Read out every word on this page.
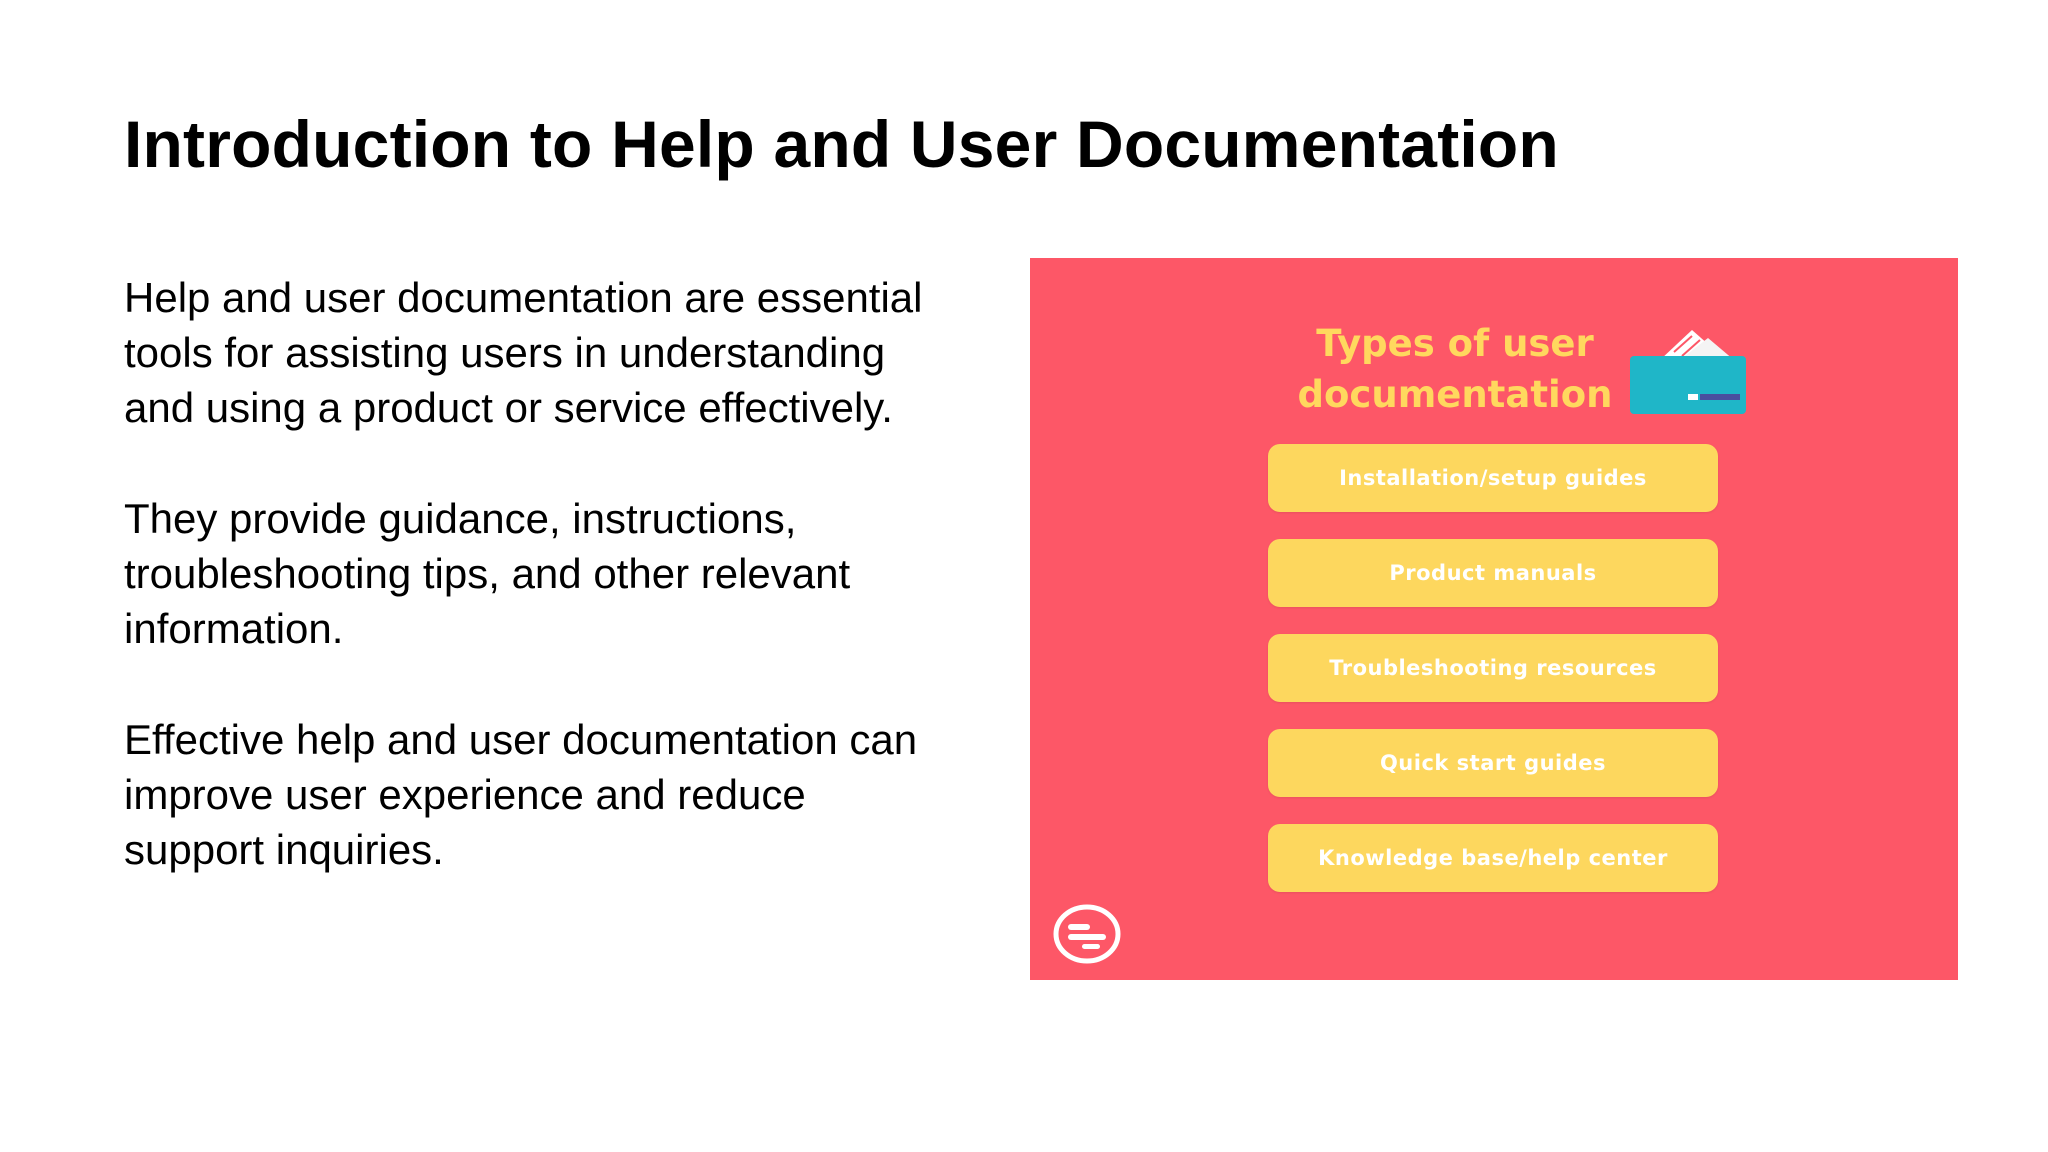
Introduction to Help and User Documentation

Help and user documentation are essential
tools for assisting users in understanding
and using a product or service effectively.

They provide guidance, instructions,
troubleshooting tips, and other relevant
information.

Effective help and user documentation can
improve user experience and reduce
support inquiries.

Types of user
documentation
Installation/setup guides
Product manuals
Troubleshooting resources
Quick start guides
Knowledge base/help center
